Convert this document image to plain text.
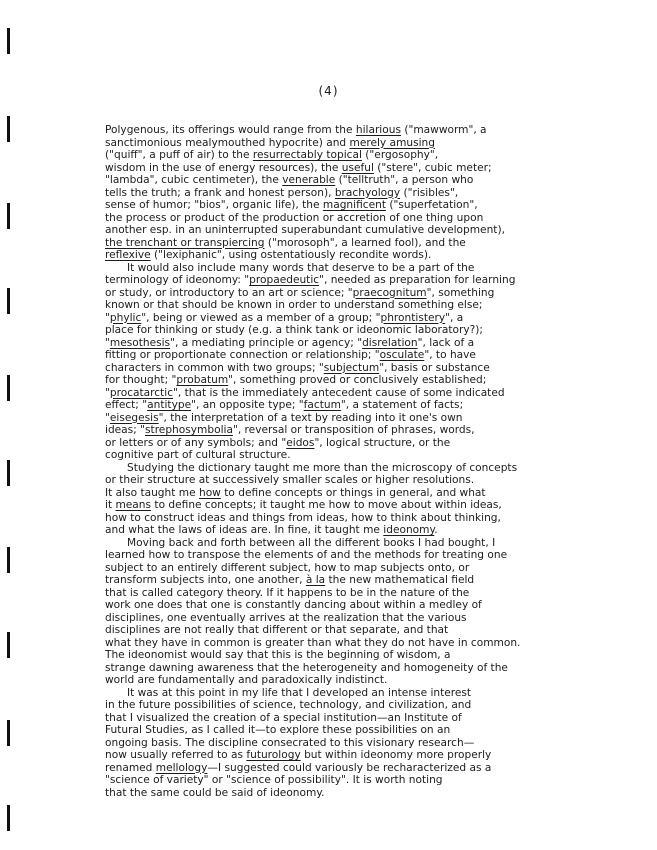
(4)
Polygenous, its offerings would range from the hilarious ("mawworm", a
sanctimonious mealymouthed hypocrite) and merely amusing
("quiff", a puff of air) to the resurrectably topical ("ergosophy",
wisdom in the use of energy resources), the useful ("stere", cubic meter;
"lambda", cubic centimeter), the venerable ("telltruth", a person who
tells the truth; a frank and honest person), brachyology ("risibles",
sense of humor; "bios", organic life), the magnificent ("superfetation",
the process or product of the production or accretion of one thing upon
another esp. in an uninterrupted superabundant cumulative development),
the trenchant or transpiercing ("morosoph", a learned fool), and the
reflexive ("lexiphanic", using ostentatiously recondite words).
It would also include many words that deserve to be a part of the
terminology of ideonomy: "propaedeutic", needed as preparation for learning
or study, or introductory to an art or science; "praecognitum", something
known or that should be known in order to understand something else;
"phylic", being or viewed as a member of a group; "phrontistery", a
place for thinking or study (e.g. a think tank or ideonomic laboratory?);
"mesothesis", a mediating principle or agency; "disrelation", lack of a
fitting or proportionate connection or relationship; "osculate", to have
characters in common with two groups; "subjectum", basis or substance
for thought; "probatum", something proved or conclusively established;
"procatarctic", that is the immediately antecedent cause of some indicated
effect; "antitype", an opposite type; "factum", a statement of facts;
"eisegesis", the interpretation of a text by reading into it one's own
ideas; "strephosymbolia", reversal or transposition of phrases, words,
or letters or of any symbols; and "eidos", logical structure, or the
cognitive part of cultural structure.
Studying the dictionary taught me more than the microscopy of concepts
or their structure at successively smaller scales or higher resolutions.
It also taught me how to define concepts or things in general, and what
it means to define concepts; it taught me how to move about within ideas,
how to construct ideas and things from ideas, how to think about thinking,
and what the laws of ideas are. In fine, it taught me ideonomy.
Moving back and forth between all the different books I had bought, I
learned how to transpose the elements of and the methods for treating one
subject to an entirely different subject, how to map subjects onto, or
transform subjects into, one another, à la the new mathematical field
that is called category theory. If it happens to be in the nature of the
work one does that one is constantly dancing about within a medley of
disciplines, one eventually arrives at the realization that the various
disciplines are not really that different or that separate, and that
what they have in common is greater than what they do not have in common.
The ideonomist would say that this is the beginning of wisdom, a
strange dawning awareness that the heterogeneity and homogeneity of the
world are fundamentally and paradoxically indistinct.
It was at this point in my life that I developed an intense interest
in the future possibilities of science, technology, and civilization, and
that I visualized the creation of a special institution—an Institute of
Futural Studies, as I called it—to explore these possibilities on an
ongoing basis. The discipline consecrated to this visionary research—
now usually referred to as futurology but within ideonomy more properly
renamed mellology—I suggested could variously be recharacterized as a
"science of variety" or "science of possibility". It is worth noting
that the same could be said of ideonomy.
